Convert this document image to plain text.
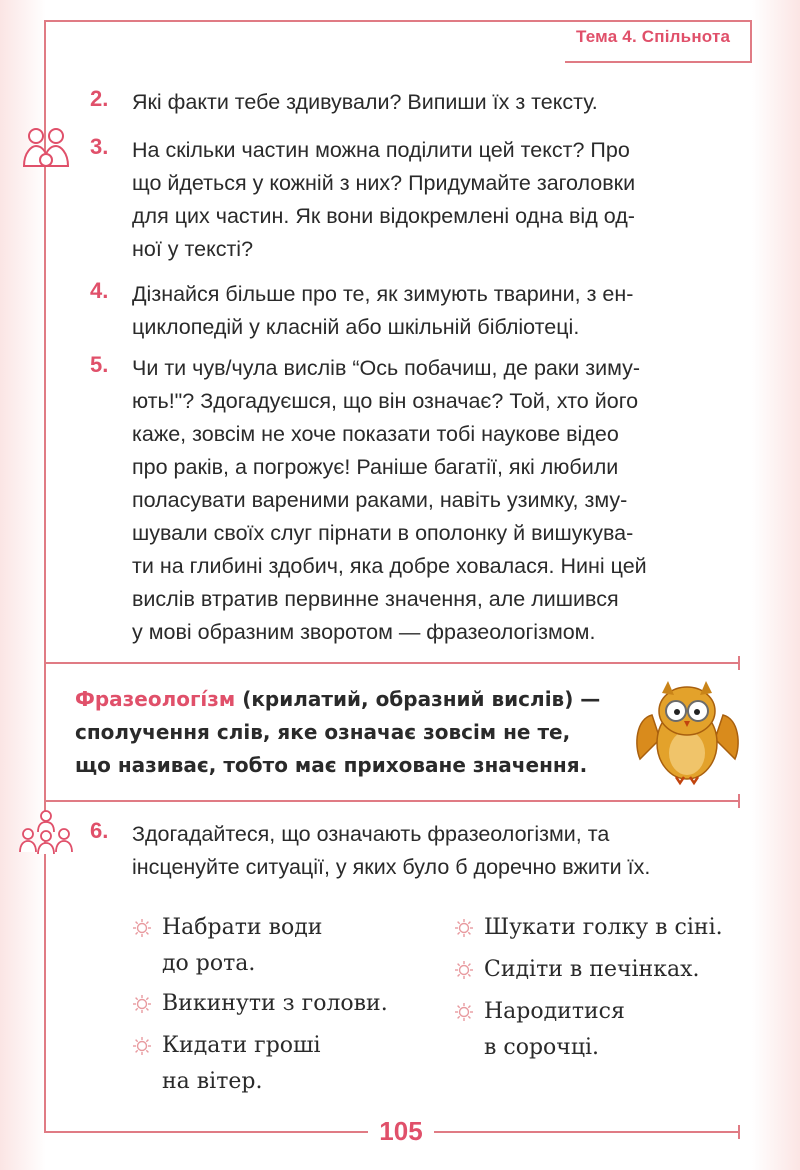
Тема 4. Спільнота
2. Які факти тебе здивували? Випиши їх з тексту.
3. На скільки частин можна поділити цей текст? Про
що йдеться у кожній з них? Придумайте заголовки
для цих частин. Як вони відокремлені одна від од-
ної у тексті?
4. Дізнайся більше про те, як зимують тварини, з ен-
циклопедій у класній або шкільній бібліотеці.
5. Чи ти чув/чула вислів “Ось побачиш, де раки зиму-
ють!"? Здогадуєшся, що він означає? Той, хто його
каже, зовсім не хоче показати тобі наукове відео
про раків, а погрожує! Раніше багатії, які любили
поласувати вареними раками, навіть узимку, зму-
шували своїх слуг пірнати в ополонку й вишукува-
ти на глибині здобич, яка добре ховалася. Нині цей
вислів втратив первинне значення, але лишився
у мові образним зворотом — фразеологізмом.
Фразеологі́зм (крилатий, образний вислів) —
сполучення слів, яке означає зовсім не те,
що називає, тобто має приховане значення.
6. Здогадайтеся, що означають фразеологізми, та
інсценуйте ситуації, у яких було б доречно вжити їх.
Набрати води
до рота.
Викинути з голови.
Кидати гроші
на вітер.
Шукати голку в сіні.
Сидіти в печінках.
Народитися
в сорочці.
105
